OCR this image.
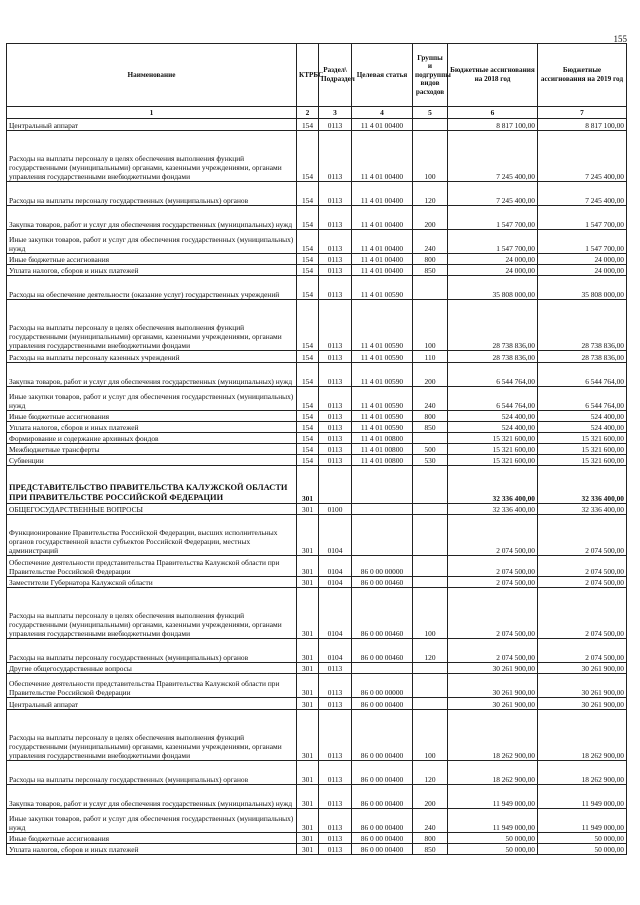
155
Наименование	КТРБС	Раздел\ Подраздел	Целевая статья	Группы и подгруппы видов расходов	Бюджетные ассигнования на 2018 год	Бюджетные ассигнования на 2019 год
1	2	3	4	5	6	7
Центральный аппарат	154	0113	11 4 01 00400		8 817 100,00	8 817 100,00
Расходы на выплаты персоналу в целях обеспечения выполнения функций государственными (муниципальными) органами, казенными учреждениями, органами управления государственными внебюджетными фондами	154	0113	11 4 01 00400	100	7 245 400,00	7 245 400,00
Расходы на выплаты персоналу государственных (муниципальных) органов	154	0113	11 4 01 00400	120	7 245 400,00	7 245 400,00
Закупка товаров, работ и услуг для обеспечения государственных (муниципальных) нужд	154	0113	11 4 01 00400	200	1 547 700,00	1 547 700,00
Иные закупки товаров, работ и услуг для обеспечения государственных (муниципальных) нужд	154	0113	11 4 01 00400	240	1 547 700,00	1 547 700,00
Иные бюджетные ассигнования	154	0113	11 4 01 00400	800	24 000,00	24 000,00
Уплата налогов, сборов и иных платежей	154	0113	11 4 01 00400	850	24 000,00	24 000,00
Расходы на обеспечение деятельности (оказание услуг) государственных учреждений	154	0113	11 4 01 00590		35 808 000,00	35 808 000,00
Расходы на выплаты персоналу в целях обеспечения выполнения функций государственными (муниципальными) органами, казенными учреждениями, органами управления государственными внебюджетными фондами	154	0113	11 4 01 00590	100	28 738 836,00	28 738 836,00
Расходы на выплаты персоналу казенных учреждений	154	0113	11 4 01 00590	110	28 738 836,00	28 738 836,00
Закупка товаров, работ и услуг для обеспечения государственных (муниципальных) нужд	154	0113	11 4 01 00590	200	6 544 764,00	6 544 764,00
Иные закупки товаров, работ и услуг для обеспечения государственных (муниципальных) нужд	154	0113	11 4 01 00590	240	6 544 764,00	6 544 764,00
Иные бюджетные ассигнования	154	0113	11 4 01 00590	800	524 400,00	524 400,00
Уплата налогов, сборов и иных платежей	154	0113	11 4 01 00590	850	524 400,00	524 400,00
Формирование и содержание архивных фондов	154	0113	11 4 01 00800		15 321 600,00	15 321 600,00
Межбюджетные трансферты	154	0113	11 4 01 00800	500	15 321 600,00	15 321 600,00
Субвенции	154	0113	11 4 01 00800	530	15 321 600,00	15 321 600,00
ПРЕДСТАВИТЕЛЬСТВО ПРАВИТЕЛЬСТВА КАЛУЖСКОЙ ОБЛАСТИ ПРИ ПРАВИТЕЛЬСТВЕ РОССИЙСКОЙ ФЕДЕРАЦИИ	301				32 336 400,00	32 336 400,00
ОБЩЕГОСУДАРСТВЕННЫЕ ВОПРОСЫ	301	0100			32 336 400,00	32 336 400,00
Функционирование Правительства Российской Федерации, высших исполнительных органов государственной власти субъектов Российской Федерации, местных администраций	301	0104			2 074 500,00	2 074 500,00
Обеспечение деятельности представительства Правительства Калужской области при Правительстве Российской Федерации	301	0104	86 0 00 00000		2 074 500,00	2 074 500,00
Заместители Губернатора Калужской области	301	0104	86 0 00 00460		2 074 500,00	2 074 500,00
Расходы на выплаты персоналу в целях обеспечения выполнения функций государственными (муниципальными) органами, казенными учреждениями, органами управления государственными внебюджетными фондами	301	0104	86 0 00 00460	100	2 074 500,00	2 074 500,00
Расходы на выплаты персоналу государственных (муниципальных) органов	301	0104	86 0 00 00460	120	2 074 500,00	2 074 500,00
Другие общегосударственные вопросы	301	0113			30 261 900,00	30 261 900,00
Обеспечение деятельности представительства Правительства Калужской области при Правительстве Российской Федерации	301	0113	86 0 00 00000		30 261 900,00	30 261 900,00
Центральный аппарат	301	0113	86 0 00 00400		30 261 900,00	30 261 900,00
Расходы на выплаты персоналу в целях обеспечения выполнения функций государственными (муниципальными) органами, казенными учреждениями, органами управления государственными внебюджетными фондами	301	0113	86 0 00 00400	100	18 262 900,00	18 262 900,00
Расходы на выплаты персоналу государственных (муниципальных) органов	301	0113	86 0 00 00400	120	18 262 900,00	18 262 900,00
Закупка товаров, работ и услуг для обеспечения государственных (муниципальных) нужд	301	0113	86 0 00 00400	200	11 949 000,00	11 949 000,00
Иные закупки товаров, работ и услуг для обеспечения государственных (муниципальных) нужд	301	0113	86 0 00 00400	240	11 949 000,00	11 949 000,00
Иные бюджетные ассигнования	301	0113	86 0 00 00400	800	50 000,00	50 000,00
Уплата налогов, сборов и иных платежей	301	0113	86 0 00 00400	850	50 000,00	50 000,00
